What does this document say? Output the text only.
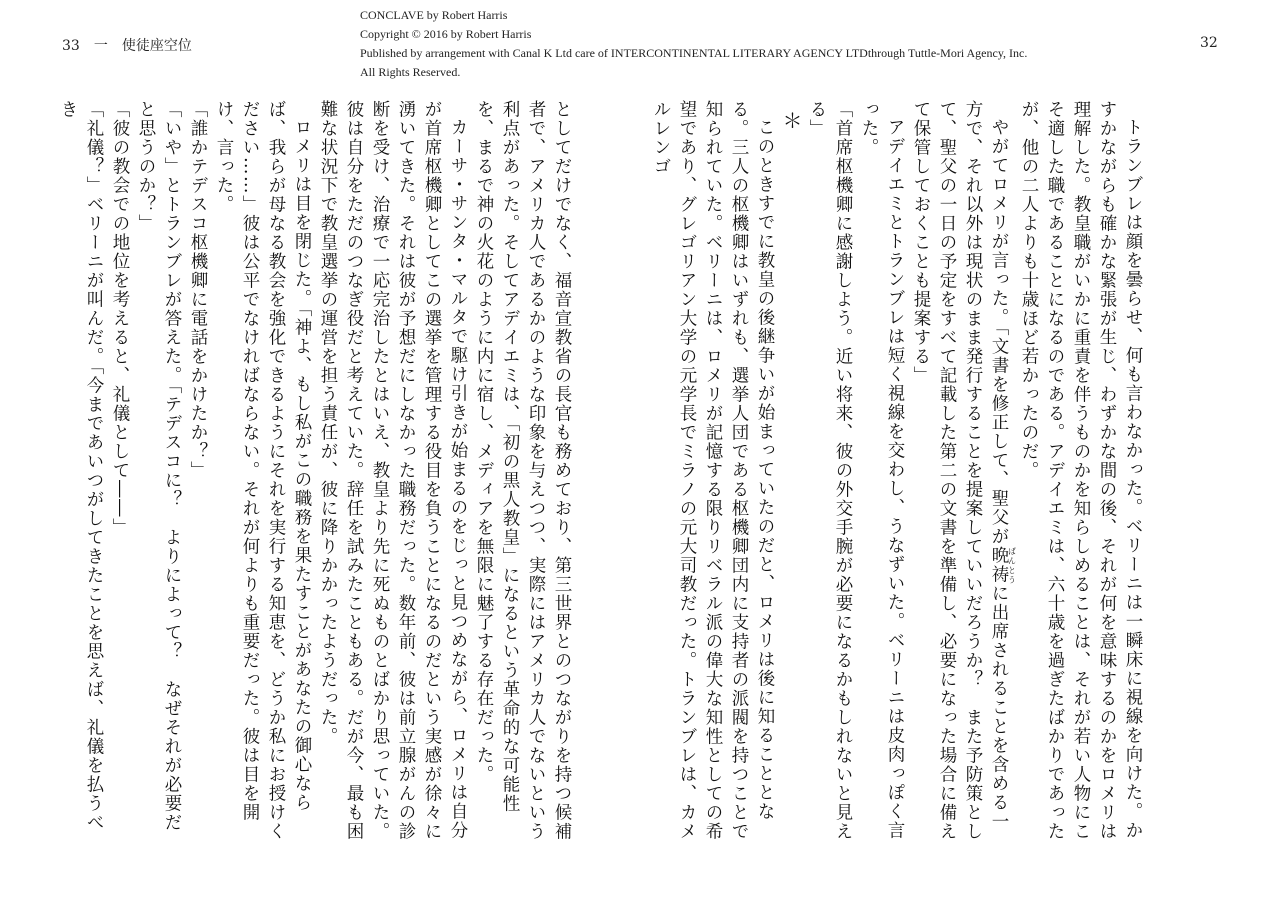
CONCLAVE by Robert Harris
Copyright © 2016 by Robert Harris
Published by arrangement with Canal K Ltd care of INTERCONTINENTAL LITERARY AGENCY LTDthrough Tuttle-Mori Agency, Inc.
All Rights Reserved.
33　一　使徒座空位	32

トランブレは顔を曇らせ、何も言わなかった。ベリーニは一瞬床に視線を向けた。かすかながらも確かな緊張が生じ、わずかな間の後、それが何を意味するのかをロメリは理解した。教皇職がいかに重責を伴うものかを知らしめることは、それが若い人物にこそ適した職であることになるのである。アデイエミは、六十歳を過ぎたばかりであったが、他の二人よりも十歳ほど若かったのだ。

やがてロメリが言った。「文書を修正して、聖父が晩祷ばんとうに出席されることを含める一方で、それ以外は現状のまま発行することを提案していいだろうか？　また予防策として、聖父の一日の予定をすべて記載した第二の文書を準備し、必要になった場合に備えて保管しておくことも提案する」

アデイエミとトランブレは短く視線を交わし、うなずいた。ベリーニは皮肉っぽく言った。

「首席枢機卿に感謝しよう。近い将来、彼の外交手腕が必要になるかもしれないと見える」

＊

このときすでに教皇の後継争いが始まっていたのだと、ロメリは後に知ることとなる。三人の枢機卿はいずれも、選挙人団である枢機卿団内に支持者の派閥を持つことで知られていた。ベリーニは、ロメリが記憶する限りリベラル派の偉大な知性としての希望であり、グレゴリアン大学の元学長でミラノの元大司教だった。トランブレは、カメルレンゴ

としてだけでなく、福音宣教省の長官も務めており、第三世界とのつながりを持つ候補者で、アメリカ人であるかのような印象を与えつつ、実際にはアメリカ人でないという利点があった。そしてアデイエミは、「初の黒人教皇」になるという革命的な可能性を、まるで神の火花のように内に宿し、メディアを無限に魅了する存在だった。

カーサ・サンタ・マルタで駆け引きが始まるのをじっと見つめながら、ロメリは自分が首席枢機卿としてこの選挙を管理する役目を負うことになるのだという実感が徐々に湧いてきた。それは彼が予想だにしなかった職務だった。数年前、彼は前立腺がんの診断を受け、治療で一応完治したとはいえ、教皇より先に死ぬものとばかり思っていた。彼は自分をただのつなぎ役だと考えていた。辞任を試みたこともある。だが今、最も困難な状況下で教皇選挙の運営を担う責任が、彼に降りかかったようだった。

ロメリは目を閉じた。「神よ、もし私がこの職務を果たすことがあなたの御心ならば、我らが母なる教会を強化できるようにそれを実行する知恵を、どうか私にお授けください……」彼は公平でなければならない。それが何よりも重要だった。彼は目を開け、言った。

「誰かテデスコ枢機卿に電話をかけたか？」

「いや」とトランブレが答えた。「テデスコに？　よりによって？　なぜそれが必要だと思うのか？」

「彼の教会での地位を考えると、礼儀として――」

「礼儀？」ベリーニが叫んだ。「今まであいつがしてきたことを思えば、礼儀を払うべき
